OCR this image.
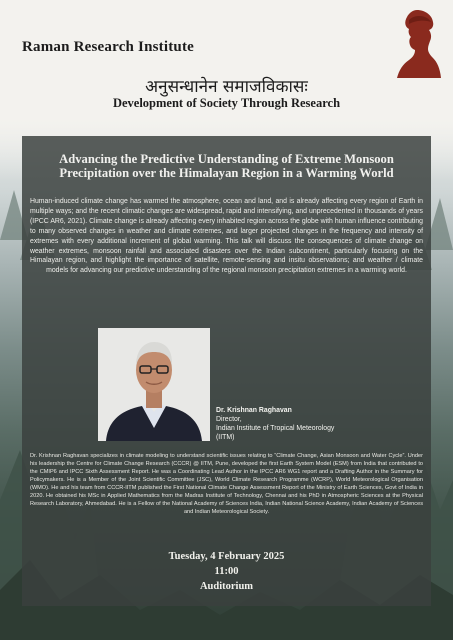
Raman Research Institute
अनुसन्धानेन समाजविकासः
Development of Society Through Research
Advancing the Predictive Understanding of Extreme Monsoon Precipitation over the Himalayan Region in a Warming World

Human-induced climate change has warmed the atmosphere, ocean and land, and is already affecting every region of Earth in multiple ways; and the recent climatic changes are widespread, rapid and intensifying, and unprecedented in thousands of years (IPCC AR6, 2021). Climate change is already affecting every inhabited region across the globe with human influence contributing to many observed changes in weather and climate extremes, and larger projected changes in the frequency and intensity of extremes with every additional increment of global warming. This talk will discuss the consequences of climate change on weather extremes, monsoon rainfall and associated disasters over the Indian subcontinent, particularly focusing on the Himalayan region, and highlight the importance of satellite, remote-sensing and insitu observations; and weather / climate models for advancing our predictive understanding of the regional monsoon precipitation extremes in a warming world.

Dr. Krishnan Raghavan
Director,
Indian Institute of Tropical Meteorology
(IITM)

Dr. Krishnan Raghavan specializes in climate modeling to understand scientific issues relating to “Climate Change, Asian Monsoon and Water Cycle”. Under his leadership the Centre for Climate Change Research (CCCR) @ IITM, Pune, developed the first Earth System Model (ESM) from India that contributed to the CMIP6 and IPCC Sixth Assessment Report. He was a Coordinating Lead Author in the IPCC AR6 WG1 report and a Drafting Author in the Summary for Policymakers. He is a Member of the Joint Scientific Committee (JSC), World Climate Research Programme (WCRP), World Meteorological Organisation (WMO). He and his team from CCCR-IITM published the First National Climate Change Assessment Report of the Ministry of Earth Sciences, Govt of India in 2020. He obtained his MSc in Applied Mathematics from the Madras Institute of Technology, Chennai and his PhD in Atmospheric Sciences at the Physical Research Laboratory, Ahmedabad. He is a Fellow of the National Academy of Sciences India, Indian National Science Academy, Indian Academy of Sciences and Indian Meteorological Society.

Tuesday, 4 February 2025
11:00
Auditorium
